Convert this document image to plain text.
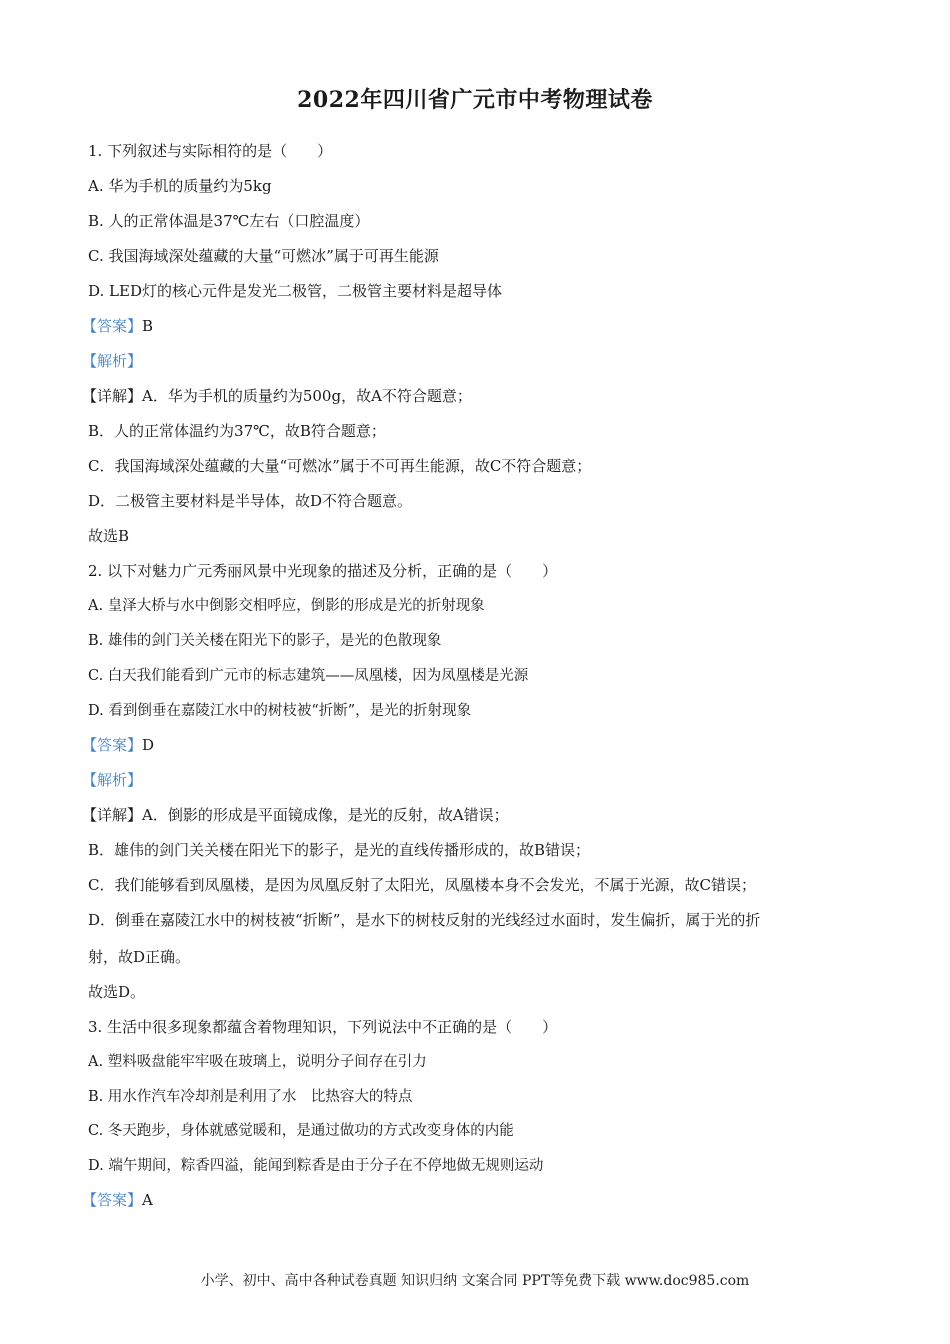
2022年四川省广元市中考物理试卷
1. 下列叙述与实际相符的是（　　）
A. 华为手机的质量约为5kg
B. 人的正常体温是37℃左右（口腔温度）
C. 我国海域深处蕴藏的大量“可燃冰”属于可再生能源
D. LED灯的核心元件是发光二极管，二极管主要材料是超导体
【答案】B
【解析】
【详解】A．华为手机的质量约为500g，故A不符合题意；
B．人的正常体温约为37℃，故B符合题意；
C．我国海域深处蕴藏的大量“可燃冰”属于不可再生能源，故C不符合题意；
D．二极管主要材料是半导体，故D不符合题意。
故选B
2. 以下对魅力广元秀丽风景中光现象的描述及分析，正确的是（　　）
A. 皇泽大桥与水中倒影交相呼应，倒影的形成是光的折射现象
B. 雄伟的剑门关关楼在阳光下的影子，是光的色散现象
C. 白天我们能看到广元市的标志建筑——凤凰楼，因为凤凰楼是光源
D. 看到倒垂在嘉陵江水中的树枝被“折断”，是光的折射现象
【答案】D
【解析】
【详解】A．倒影的形成是平面镜成像，是光的反射，故A错误；
B．雄伟的剑门关关楼在阳光下的影子，是光的直线传播形成的，故B错误；
C．我们能够看到凤凰楼，是因为凤凰反射了太阳光，凤凰楼本身不会发光，不属于光源，故C错误；
D．倒垂在嘉陵江水中的树枝被“折断”，是水下的树枝反射的光线经过水面时，发生偏折，属于光的折
射，故D正确。
故选D。
3. 生活中很多现象都蕴含着物理知识，下列说法中不正确的是（　　）
A. 塑料吸盘能牢牢吸在玻璃上，说明分子间存在引力
B. 用水作汽车冷却剂是利用了水　比热容大的特点
C. 冬天跑步，身体就感觉暖和，是通过做功的方式改变身体的内能
D. 端午期间，粽香四溢，能闻到粽香是由于分子在不停地做无规则运动
【答案】A
小学、初中、高中各种试卷真题 知识归纳 文案合同 PPT等免费下载 www.doc985.com
